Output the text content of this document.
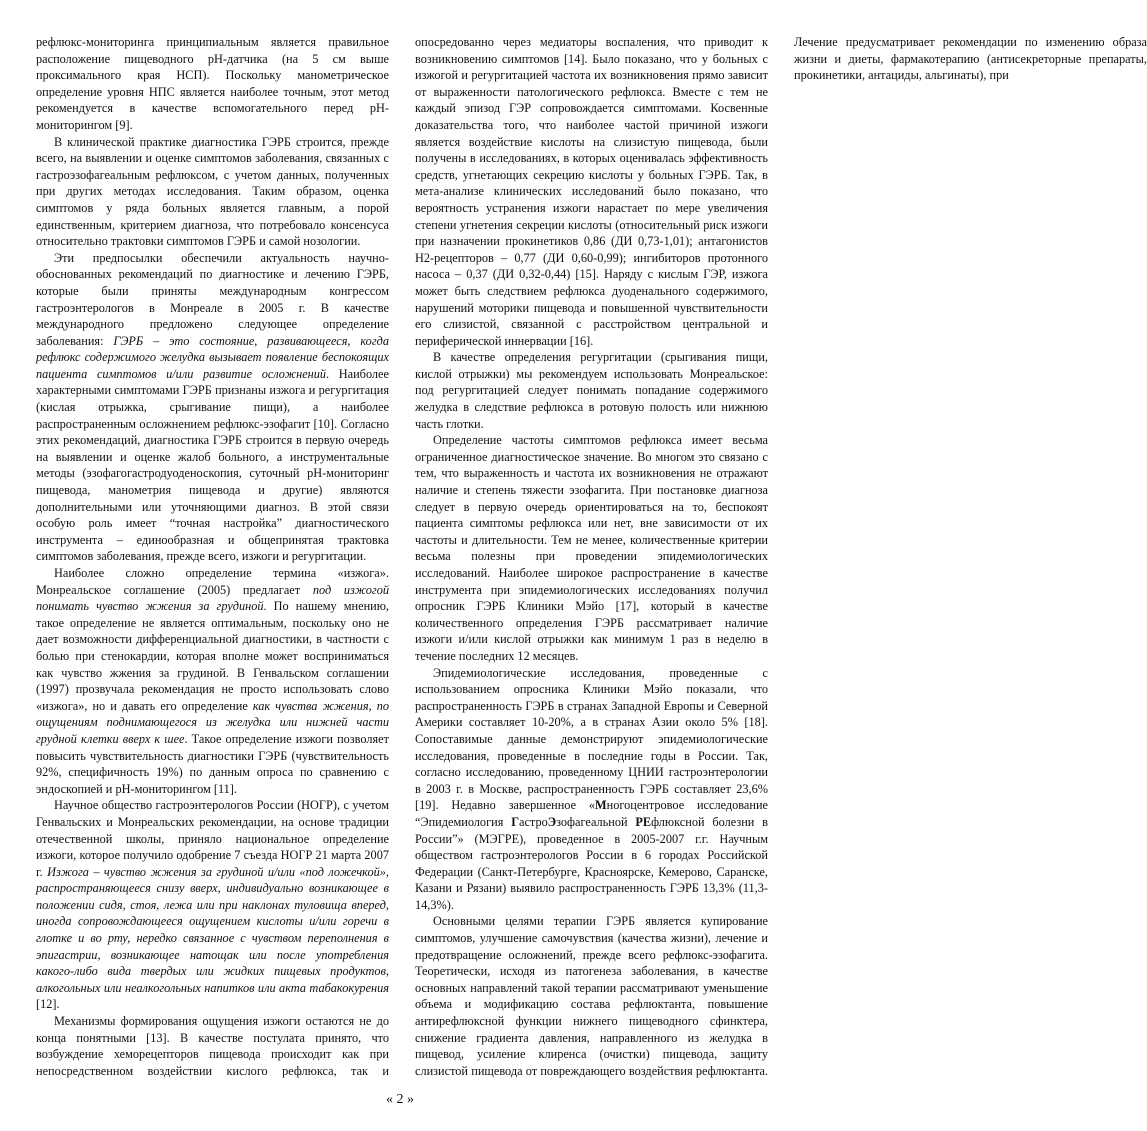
рефлюкс-мониторинга принципиальным является правильное расположение пищеводного рН-датчика (на 5 см выше проксимального края НСП). Поскольку манометрическое определение уровня НПС является наиболее точным, этот метод рекомендуется в качестве вспомогательного перед рН-мониторингом [9].

В клинической практике диагностика ГЭРБ строится, прежде всего, на выявлении и оценке симптомов заболевания, связанных с гастроэзофагеальным рефлюксом, с учетом данных, полученных при других методах исследования. Таким образом, оценка симптомов у ряда больных является главным, а порой единственным, критерием диагноза, что потребовало консенсуса относительно трактовки симптомов ГЭРБ и самой нозологии.

Эти предпосылки обеспечили актуальность научно-обоснованных рекомендаций по диагностике и лечению ГЭРБ, которые были приняты международным конгрессом гастроэнтерологов в Монреале в 2005 г. В качестве международного предложено следующее определение заболевания: ГЭРБ – это состояние, развивающееся, когда рефлюкс содержимого желудка вызывает появление беспокоящих пациента симптомов и/или развитие осложнений. Наиболее характерными симптомами ГЭРБ признаны изжога и регургитация (кислая отрыжка, срыгивание пищи), а наиболее распространенным осложнением рефлюкс-эзофагит [10]. Согласно этих рекомендаций, диагностика ГЭРБ строится в первую очередь на выявлении и оценке жалоб больного, а инструментальные методы (эзофагогастродуоденоскопия, суточный рН-мониторинг пищевода, манометрия пищевода и другие) являются дополнительными или уточняющими диагноз. В этой связи особую роль имеет “точная настройка” диагностического инструмента – единообразная и общепринятая трактовка симптомов заболевания, прежде всего, изжоги и регургитации.

Наиболее сложно определение термина «изжога». Монреальское соглашение (2005) предлагает под изжогой понимать чувство жжения за грудиной. По нашему мнению, такое определение не является оптимальным, поскольку оно не дает возможности дифференциальной диагностики, в частности с болью при стенокардии, которая вполне может восприниматься как чувство жжения за грудиной. В Генвальском соглашении (1997) прозвучала рекомендация не просто использовать слово «изжога», но и давать его определение как чувства жжения, по ощущениям поднимающегося из желудка или нижней части грудной клетки вверх к шее. Такое определение изжоги позволяет повысить чувствительность диагностики ГЭРБ (чувствительность 92%, специфичность 19%) по данным опроса по сравнению с эндоскопией и рН-мониторингом [11].

Научное общество гастроэнтерологов России (НОГР), с учетом Генвальских и Монреальских рекомендации, на основе традиции отечественной школы, приняло национальное определение изжоги, которое получило одобрение 7 съезда НОГР 21 марта 2007 г. Изжога – чувство жжения за грудиной и/или «под ложечкой», распространяющееся снизу вверх, индивидуально возникающее в положении сидя, стоя, лежа или при наклонах туловища вперед, иногда сопровождающееся ощущением кислоты и/или горечи в глотке и во рту, нередко связанное с чувством переполнения в эпигастрии, возникающее натощак или после употребления какого-либо вида твердых или жидких пищевых продуктов, алкогольных или неалкогольных напитков или акта табакокурения [12].

Механизмы формирования ощущения изжоги остаются не до конца понятными [13]. В качестве постулата принято, что возбуждение хеморецепторов пищевода происходит как при непосредственном воздействии кислого рефлюкса, так и опосредованно через медиаторы воспаления, что приводит к возникновению симптомов [14]. Было показано, что у больных с изжогой и регургитацией частота их возникновения прямо зависит от выраженности патологического рефлюкса. Вместе с тем не каждый эпизод ГЭР сопровождается симптомами. Косвенные доказательства того, что наиболее частой причиной изжоги является воздействие кислоты на слизистую пищевода, были получены в исследованиях, в которых оценивалась эффективность средств, угнетающих секрецию кислоты у больных ГЭРБ. Так, в мета-анализе клинических исследований было показано, что вероятность устранения изжоги нарастает по мере увеличения степени угнетения секреции кислоты (относительный риск изжоги при назначении прокинетиков 0,86 (ДИ 0,73-1,01); антагонистов Н2-рецепторов – 0,77 (ДИ 0,60-0,99); ингибиторов протонного насоса – 0,37 (ДИ 0,32-0,44) [15]. Наряду с кислым ГЭР, изжога может быть следствием рефлюкса дуоденального содержимого, нарушений моторики пищевода и повышенной чувствительности его слизистой, связанной с расстройством центральной и периферической иннервации [16].

В качестве определения регургитации (срыгивания пищи, кислой отрыжки) мы рекомендуем использовать Монреальское: под регургитацией следует понимать попадание содержимого желудка в следствие рефлюкса в ротовую полость или нижнюю часть глотки.

Определение частоты симптомов рефлюкса имеет весьма ограниченное диагностическое значение. Во многом это связано с тем, что выраженность и частота их возникновения не отражают наличие и степень тяжести эзофагита. При постановке диагноза следует в первую очередь ориентироваться на то, беспокоят пациента симптомы рефлюкса или нет, вне зависимости от их частоты и длительности. Тем не менее, количественные критерии весьма полезны при проведении эпидемиологических исследований. Наиболее широкое распространение в качестве инструмента при эпидемиологических исследованиях получил опросник ГЭРБ Клиники Мэйо [17], который в качестве количественного определения ГЭРБ рассматривает наличие изжоги и/или кислой отрыжки как минимум 1 раз в неделю в течение последних 12 месяцев.

Эпидемиологические исследования, проведенные с использованием опросника Клиники Мэйо показали, что распространенность ГЭРБ в странах Западной Европы и Северной Америки составляет 10-20%, а в странах Азии около 5% [18]. Сопоставимые данные демонстрируют эпидемиологические исследования, проведенные в последние годы в России. Так, согласно исследованию, проведенному ЦНИИ гастроэнтерологии в 2003 г. в Москве, распространенность ГЭРБ составляет 23,6% [19]. Недавно завершенное «Многоцентровое исследование “Эпидемиология ГастроЭзофагеальной РЕфлюксной болезни в России”» (МЭГРЕ), проведенное в 2005-2007 г.г. Научным обществом гастроэнтерологов России в 6 городах Российской Федерации (Санкт-Петербурге, Красноярске, Кемерово, Саранске, Казани и Рязани) выявило распространенность ГЭРБ 13,3% (11,3-14,3%).

Основными целями терапии ГЭРБ является купирование симптомов, улучшение самочувствия (качества жизни), лечение и предотвращение осложнений, прежде всего рефлюкс-эзофагита. Теоретически, исходя из патогенеза заболевания, в качестве основных направлений такой терапии рассматривают уменьшение объема и модификацию состава рефлюктанта, повышение антирефлюксной функции нижнего пищеводного сфинктера, снижение градиента давления, направленного из желудка в пищевод, усиление клиренса (очистки) пищевода, защиту слизистой пищевода от повреждающего воздействия рефлюктанта. Лечение предусматривает рекомендации по изменению образа жизни и диеты, фармакотерапию (антисекреторные препараты, прокинетики, антациды, альгинаты), при

« 2 »
